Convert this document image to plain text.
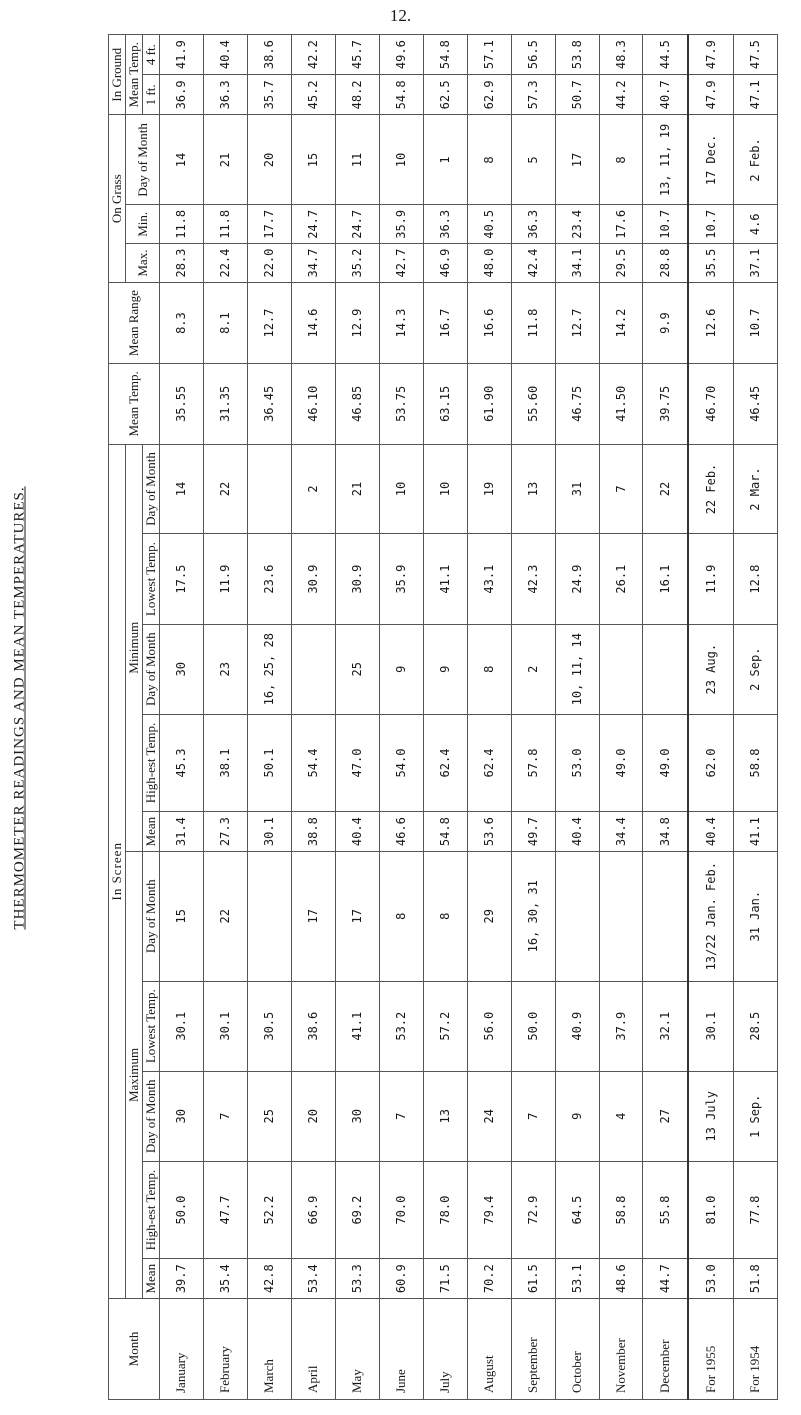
12.
THERMOMETER READINGS AND MEAN TEMPERATURES.
Month	In Screen										Mean Temp.	Mean Range	On Grass			In Ground	
	Maximum					Minimum							Max.	Min.	Day of Month	Mean Temp.	
	Mean	High-est Temp.	Day of Month	Lowest Temp.	Day of Month	Mean	High-est Temp.	Day of Month	Lowest Temp.	Day of Month						1 ft.	4 ft.
January	39.7	50.0	30	30.1	15	31.4	45.3	30	17.5	14	35.55	8.3	28.3	11.8	14	36.9	41.9
February	35.4	47.7	7	30.1	22	27.3	38.1	23	11.9	22	31.35	8.1	22.4	11.8	21	36.3	40.4
March	42.8	52.2	25	30.5		30.1	50.1	16, 25, 28	23.6		36.45	12.7	22.0	17.7	20	35.7	38.6
April	53.4	66.9	20	38.6	17	38.8	54.4		30.9	2	46.10	14.6	34.7	24.7	15	45.2	42.2
May	53.3	69.2	30	41.1	17	40.4	47.0	25	30.9	21	46.85	12.9	35.2	24.7	11	48.2	45.7
June	60.9	70.0	7	53.2	8	46.6	54.0	9	35.9	10	53.75	14.3	42.7	35.9	10	54.8	49.6
July	71.5	78.0	13	57.2	8	54.8	62.4	9	41.1	10	63.15	16.7	46.9	36.3	1	62.5	54.8
August	70.2	79.4	24	56.0	29	53.6	62.4	8	43.1	19	61.90	16.6	48.0	40.5	8	62.9	57.1
September	61.5	72.9	7	50.0	16, 30, 31	49.7	57.8	2	42.3	13	55.60	11.8	42.4	36.3	5	57.3	56.5
October	53.1	64.5	9	40.9		40.4	53.0	10, 11, 14	24.9	31	46.75	12.7	34.1	23.4	17	50.7	53.8
November	48.6	58.8	4	37.9		34.4	49.0		26.1	7	41.50	14.2	29.5	17.6	8	44.2	48.3
December	44.7	55.8	27	32.1		34.8	49.0		16.1	22	39.75	9.9	28.8	10.7	13, 11, 19	40.7	44.5
For 1955	53.0	81.0	13 July	30.1	13/22 Jan. Feb.	40.4	62.0	23 Aug.	11.9	22 Feb.	46.70	12.6	35.5	10.7	17 Dec.	47.9	47.9
For 1954	51.8	77.8	1 Sep.	28.5	31 Jan.	41.1	58.8	2 Sep.	12.8	2 Mar.	46.45	10.7	37.1	4.6	2 Feb.	47.1	47.5
